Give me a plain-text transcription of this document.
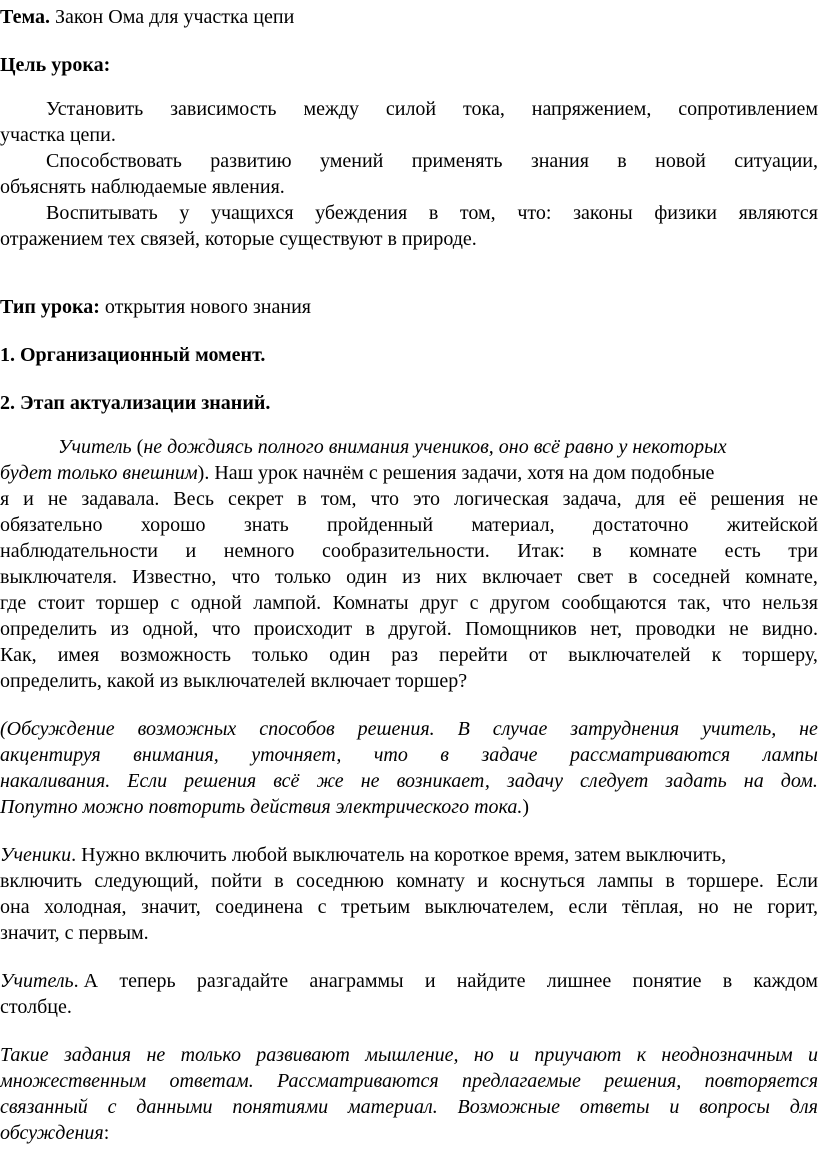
Тема. Закон Ома для участка цепи
Цель урока:
Установить зависимость между силой тока, напряжением, сопротивлением
участка цепи.
Способствовать развитию умений применять знания в новой ситуации,
объяснять наблюдаемые явления.
Воспитывать у учащихся убеждения в том, что: законы физики являются
отражением тех связей, которые существуют в природе.
Тип урока: открытия нового знания
1. Организационный момент.
2. Этап актуализации знаний.
Учитель (не дождиясь полного внимания учеников, оно всё равно у некоторых
будет только внешним). Наш урок начнём с решения задачи, хотя на дом подобные
я и не задавала. Весь секрет в том, что это логическая задача, для её решения не
обязательно хорошо знать пройденный материал, достаточно житейской
наблюдательности и немного сообразительности. Итак: в комнате есть три
выключателя. Известно, что только один из них включает свет в соседней комнате,
где стоит торшер с одной лампой. Комнаты друг с другом сообщаются так, что нельзя
определить из одной, что происходит в другой. Помощников нет, проводки не видно.
Как, имея возможность только один раз перейти от выключателей к торшеру,
определить, какой из выключателей включает торшер?
(Обсуждение возможных способов решения. В случае затруднения учитель, не
акцентируя внимания, уточняет, что в задаче рассматриваются лампы
накаливания. Если решения всё же не возникает, задачу следует задать на дом.
Попутно можно повторить действия электрического тока.)
Ученики. Нужно включить любой выключатель на короткое время, затем выключить,
включить следующий, пойти в соседнюю комнату и коснуться лампы в торшере. Если
она холодная, значит, соединена с третьим выключателем, если тёплая, но не горит,
значит, с первым.
Учитель . А теперь разгадайте анаграммы и найдите лишнее понятие в каждом
столбце.
Такие задания не только развивают мышление, но и приучают к неоднозначным и
множественным ответам. Рассматриваются предлагаемые решения, повторяется
связанный с данными понятиями материал. Возможные ответы и вопросы для
обсуждения:
